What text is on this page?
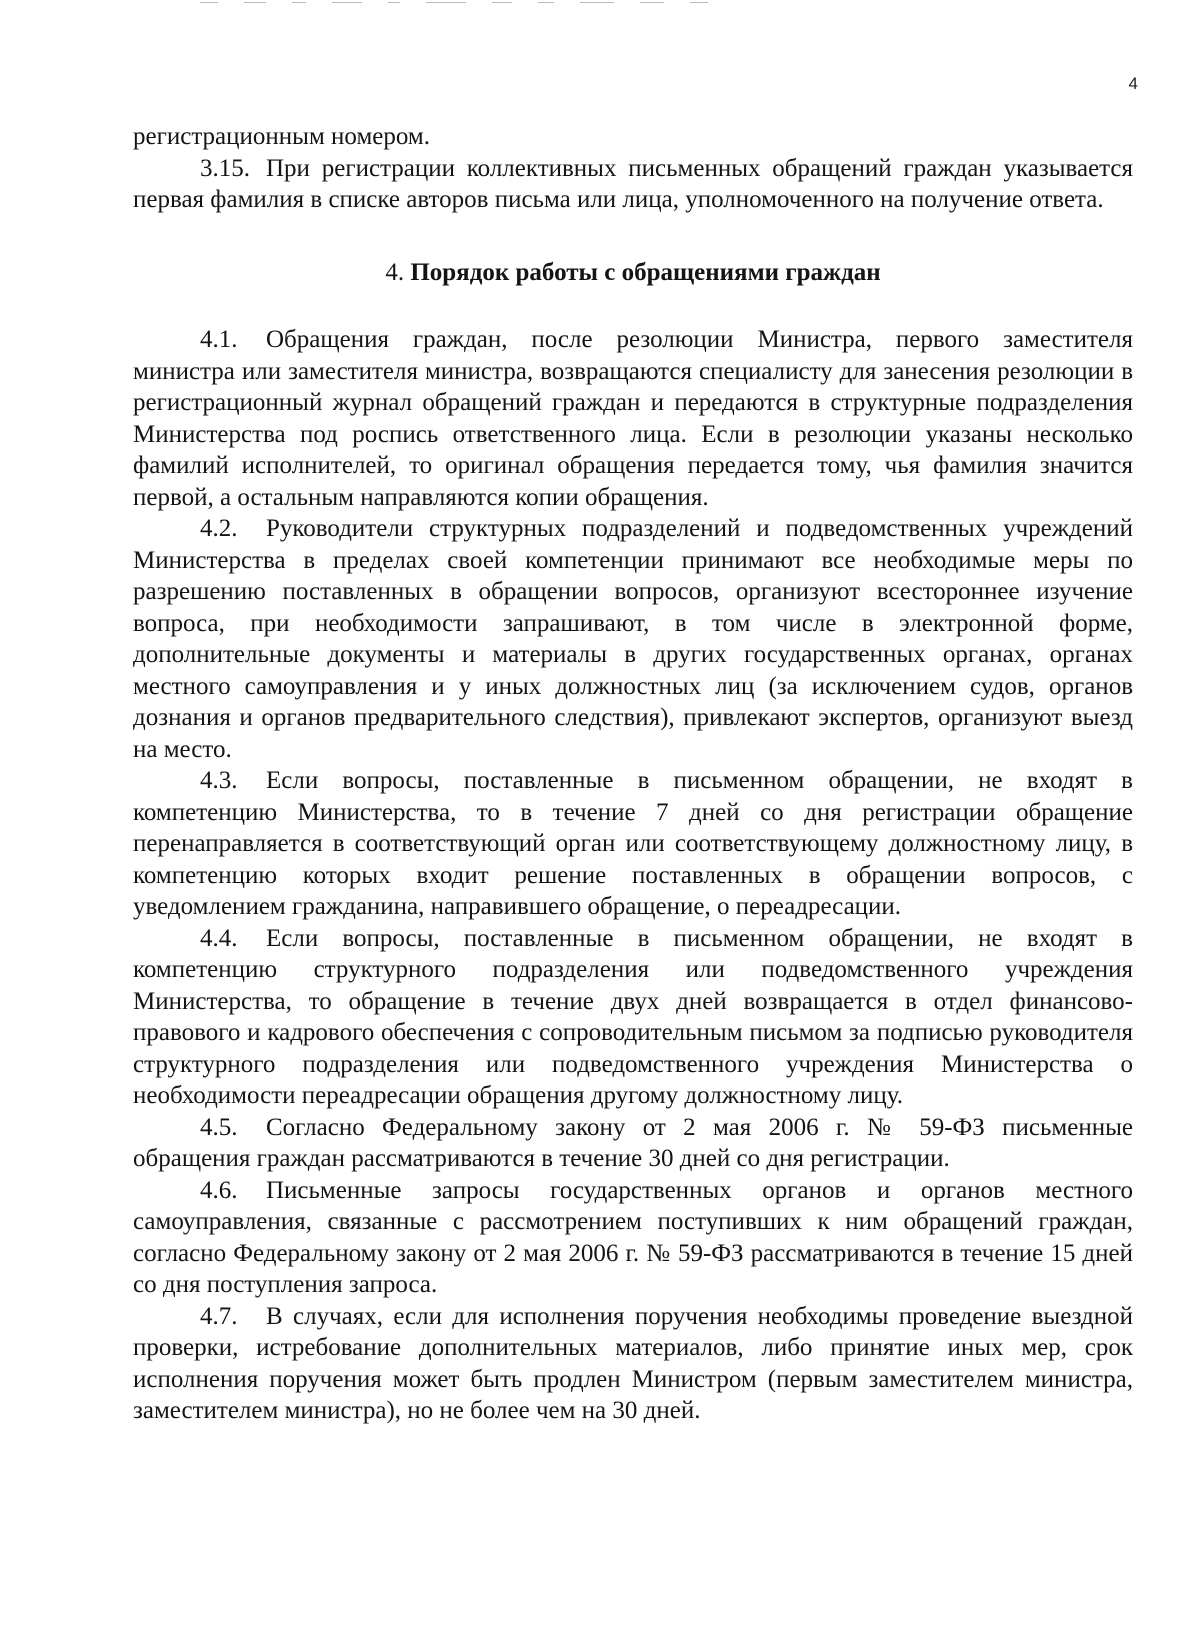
4

регистрационным номером.

3.15. При регистрации коллективных письменных обращений граждан указывается первая фамилия в списке авторов письма или лица, уполномоченного на получение ответа.

4. Порядок работы с обращениями граждан

4.1. Обращения граждан, после резолюции Министра, первого заместителя министра или заместителя министра, возвращаются специалисту для занесения резолюции в регистрационный журнал обращений граждан и передаются в структурные подразделения Министерства под роспись ответственного лица. Если в резолюции указаны несколько фамилий исполнителей, то оригинал обращения передается тому, чья фамилия значится первой, а остальным направляются копии обращения.

4.2. Руководители структурных подразделений и подведомственных учреждений Министерства в пределах своей компетенции принимают все необходимые меры по разрешению поставленных в обращении вопросов, организуют всестороннее изучение вопроса, при необходимости запрашивают, в том числе в электронной форме, дополнительные документы и материалы в других государственных органах, органах местного самоуправления и у иных должностных лиц (за исключением судов, органов дознания и органов предварительного следствия), привлекают экспертов, организуют выезд на место.

4.3. Если вопросы, поставленные в письменном обращении, не входят в компетенцию Министерства, то в течение 7 дней со дня регистрации обращение перенаправляется в соответствующий орган или соответствующему должностному лицу, в компетенцию которых входит решение поставленных в обращении вопросов, с уведомлением гражданина, направившего обращение, о переадресации.

4.4. Если вопросы, поставленные в письменном обращении, не входят в компетенцию структурного подразделения или подведомственного учреждения Министерства, то обращение в течение двух дней возвращается в отдел финансово-правового и кадрового обеспечения с сопроводительным письмом за подписью руководителя структурного подразделения или подведомственного учреждения Министерства о необходимости переадресации обращения другому должностному лицу.

4.5. Согласно Федеральному закону от 2 мая 2006 г. № 59-ФЗ письменные обращения граждан рассматриваются в течение 30 дней со дня регистрации.

4.6. Письменные запросы государственных органов и органов местного самоуправления, связанные с рассмотрением поступивших к ним обращений граждан, согласно Федеральному закону от 2 мая 2006 г. № 59-ФЗ рассматриваются в течение 15 дней со дня поступления запроса.

4.7. В случаях, если для исполнения поручения необходимы проведение выездной проверки, истребование дополнительных материалов, либо принятие иных мер, срок исполнения поручения может быть продлен Министром (первым заместителем министра, заместителем министра), но не более чем на 30 дней.
